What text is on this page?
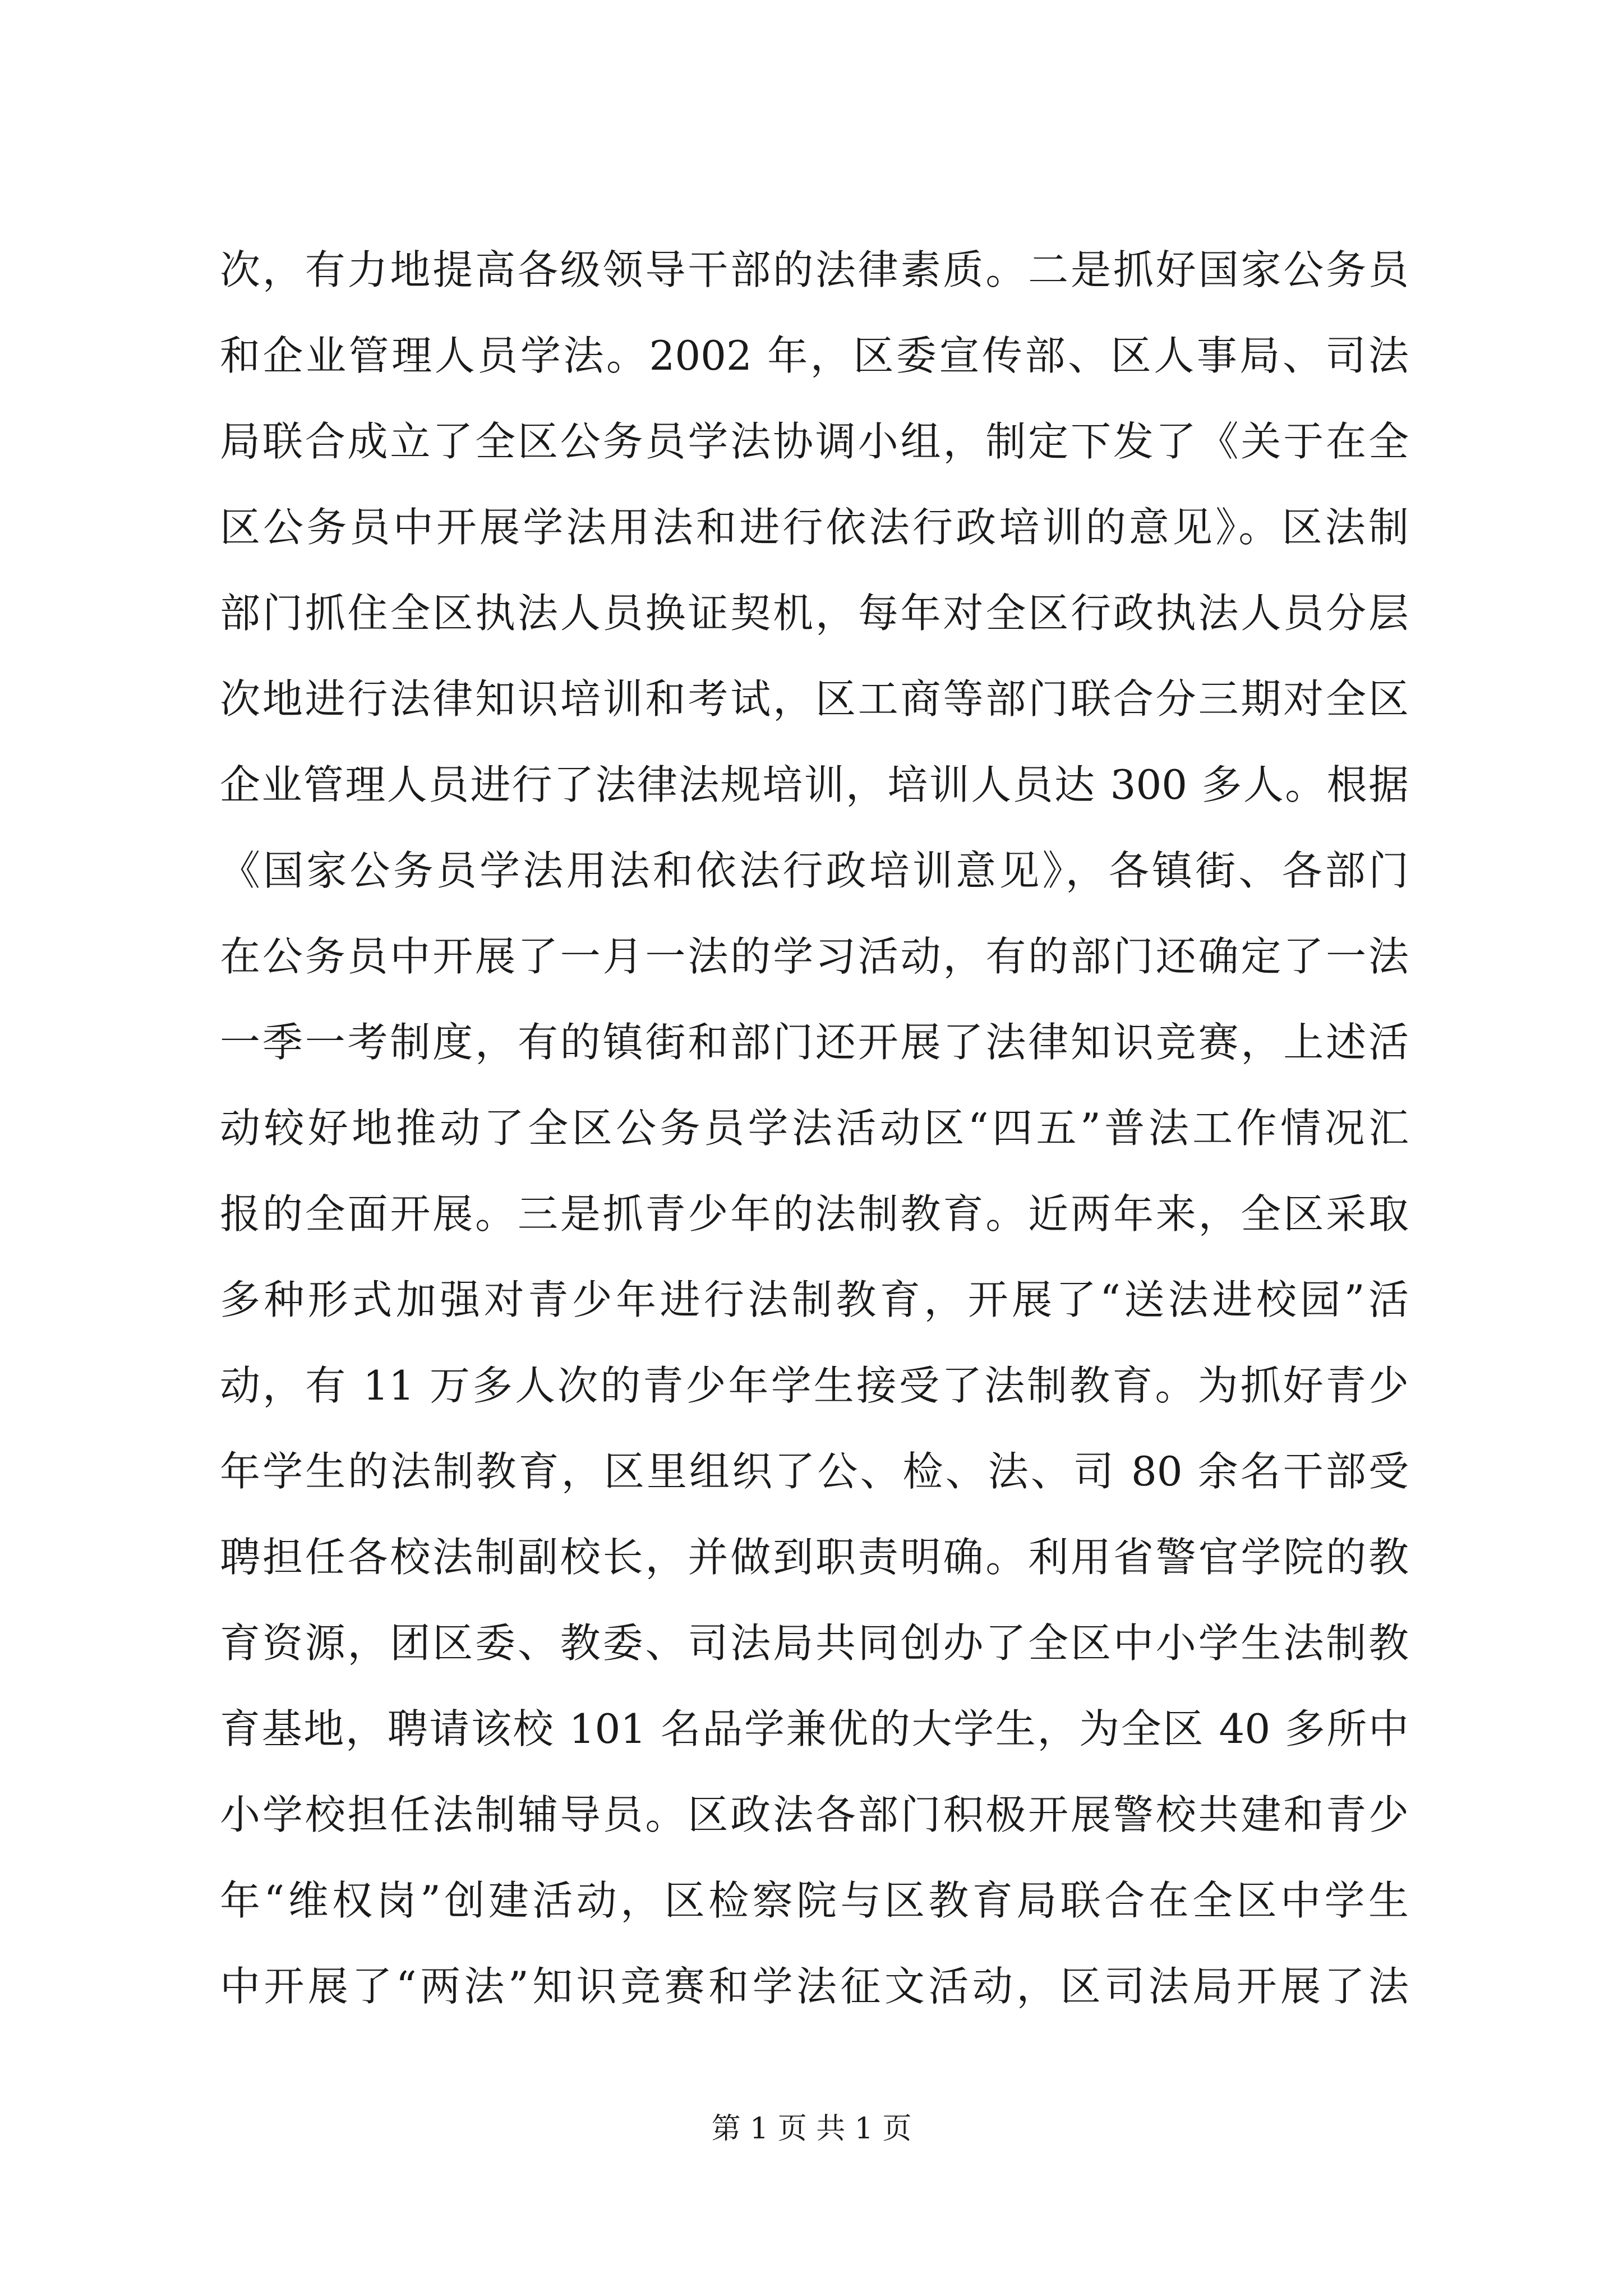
次，有力地提高各级领导干部的法律素质。二是抓好国家公务员
和企业管理人员学法。2002 年，区委宣传部、区人事局、司法
局联合成立了全区公务员学法协调小组，制定下发了《关于在全
区公务员中开展学法用法和进行依法行政培训的意见》。区法制
部门抓住全区执法人员换证契机，每年对全区行政执法人员分层
次地进行法律知识培训和考试，区工商等部门联合分三期对全区
企业管理人员进行了法律法规培训，培训人员达 300 多人。根据
《国家公务员学法用法和依法行政培训意见》，各镇街、各部门
在公务员中开展了一月一法的学习活动，有的部门还确定了一法
一季一考制度，有的镇街和部门还开展了法律知识竞赛，上述活
动较好地推动了全区公务员学法活动区“四五”普法工作情况汇
报的全面开展。三是抓青少年的法制教育。近两年来，全区采取
多种形式加强对青少年进行法制教育，开展了“送法进校园”活
动，有 11 万多人次的青少年学生接受了法制教育。为抓好青少
年学生的法制教育，区里组织了公、检、法、司 80 余名干部受
聘担任各校法制副校长，并做到职责明确。利用省警官学院的教
育资源，团区委、教委、司法局共同创办了全区中小学生法制教
育基地，聘请该校 101 名品学兼优的大学生，为全区 40 多所中
小学校担任法制辅导员。区政法各部门积极开展警校共建和青少
年“维权岗”创建活动，区检察院与区教育局联合在全区中学生
中开展了“两法”知识竞赛和学法征文活动，区司法局开展了法
第 1 页 共 1 页
